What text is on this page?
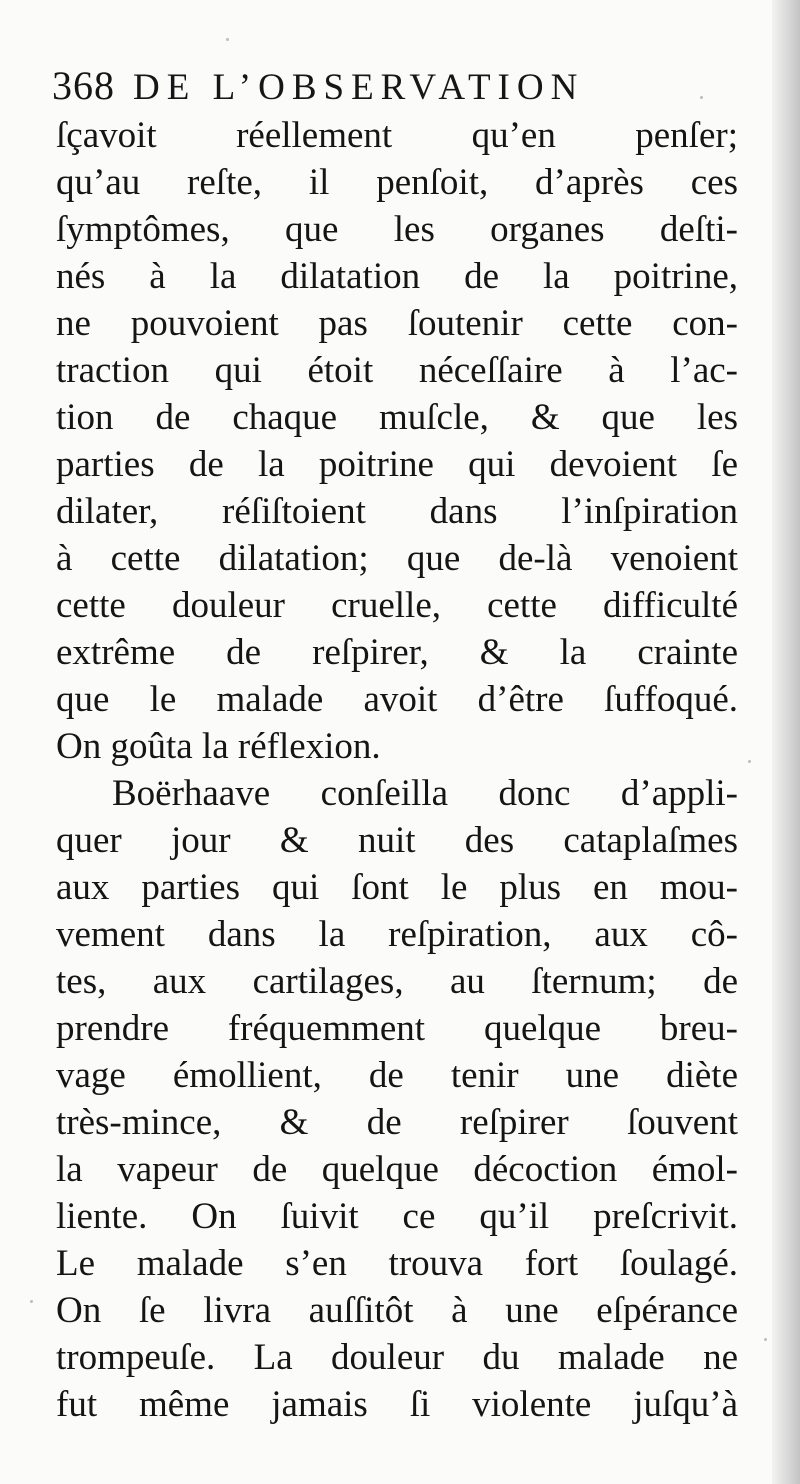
368 DE L’OBSERVATION
ſçavoit réellement qu’en penſer;
qu’au reſte, il penſoit, d’après ces
ſymptômes, que les organes deſti-
nés à la dilatation de la poitrine,
ne pouvoient pas ſoutenir cette con-
traction qui étoit néceſſaire à l’ac-
tion de chaque muſcle, & que les
parties de la poitrine qui devoient ſe
dilater, réſiſtoient dans l’inſpiration
à cette dilatation; que de-là venoient
cette douleur cruelle, cette difficulté
extrême de reſpirer, & la crainte
que le malade avoit d’être ſuffoqué.
On goûta la réflexion.
Boërhaave conſeilla donc d’appli-
quer jour & nuit des cataplaſmes
aux parties qui ſont le plus en mou-
vement dans la reſpiration, aux cô-
tes, aux cartilages, au ſternum; de
prendre fréquemment quelque breu-
vage émollient, de tenir une diète
très-mince, & de reſpirer ſouvent
la vapeur de quelque décoction émol-
liente. On ſuivit ce qu’il preſcrivit.
Le malade s’en trouva fort ſoulagé.
On ſe livra auſſitôt à une eſpérance
trompeuſe. La douleur du malade ne
fut même jamais ſi violente juſqu’à
